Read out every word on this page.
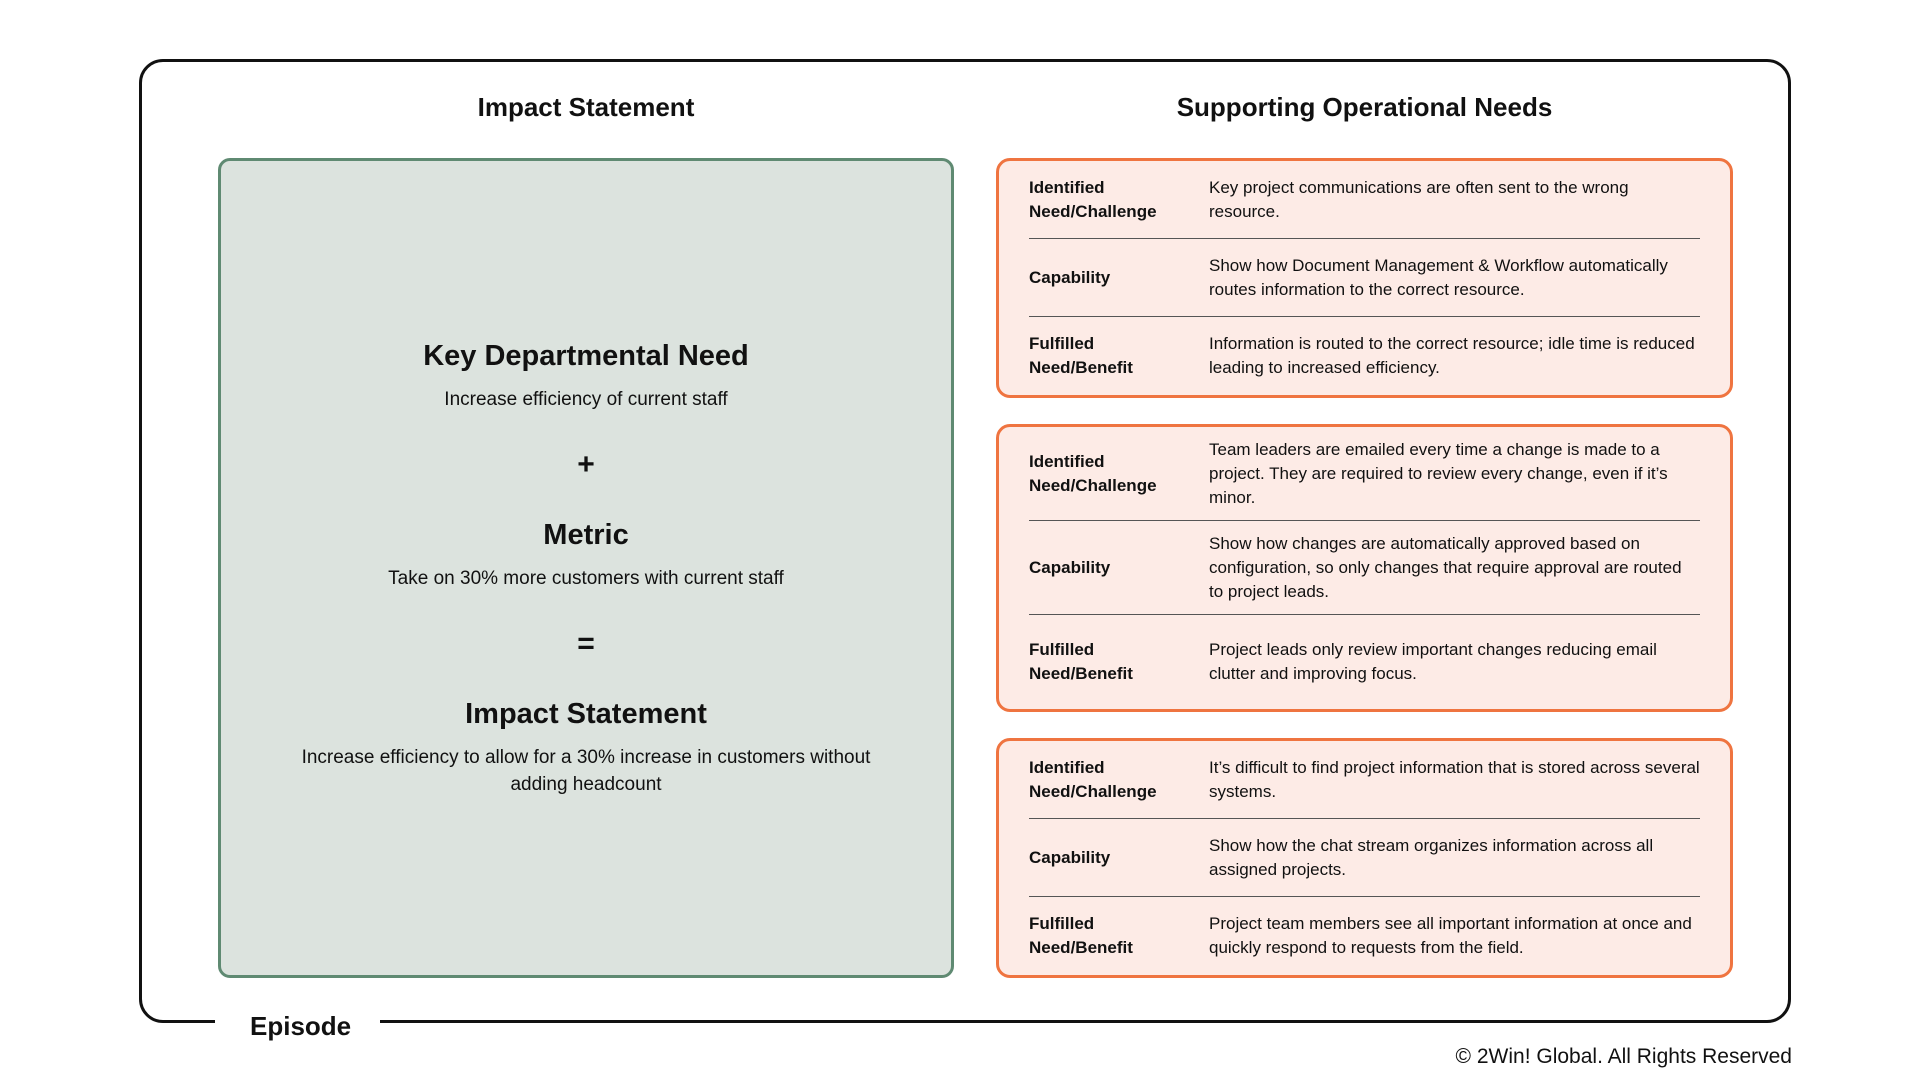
Episode
Impact Statement	Supporting Operational Needs
Key Departmental Need
Increase efficiency of current staff
+
Metric
Take on 30% more customers with current staff
=
Impact Statement
Increase efficiency to allow for a 30% increase in customers without adding headcount
Identified
Need/Challenge
Key project communications are often sent to the wrong resource.
Capability
Show how Document Management & Workflow automatically routes information to the correct resource.
Fulfilled
Need/Benefit
Information is routed to the correct resource; idle time is reduced leading to increased efficiency.
Identified
Need/Challenge
Team leaders are emailed every time a change is made to a project. They are required to review every change, even if it’s minor.
Capability
Show how changes are automatically approved based on configuration, so only changes that require approval are routed to project leads.
Fulfilled
Need/Benefit
Project leads only review important changes reducing email clutter and improving focus.
Identified
Need/Challenge
It’s difficult to find project information that is stored across several systems.
Capability
Show how the chat stream organizes information across all assigned projects.
Fulfilled
Need/Benefit
Project team members see all important information at once and quickly respond to requests from the field.
© 2Win! Global. All Rights Reserved
